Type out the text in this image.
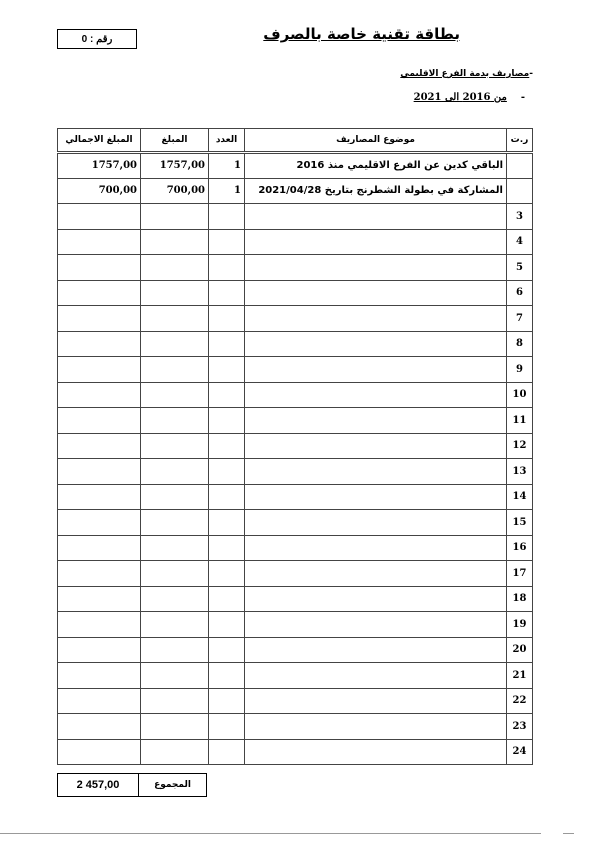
رقم : 0	بطاقة تقنية خاصة بالصرف
-مصاريف بدمة الفرع الاقليمي
-    من 2016 الى 2021
المبلغ الاجمالي	المبلغ	العدد	موضوع المصاريف	ر.ت
1757,00	1757,00	1	الباقي كدين عن الفرع الاقليمي منذ 2016	
700,00	700,00	1	المشاركة في بطولة الشطرنج بتاريخ 2021/04/28	
				3
				4
				5
				6
				7
				8
				9
				10
				11
				12
				13
				14
				15
				16
				17
				18
				19
				20
				21
				22
				23
				24
2 457,00	المجموع
